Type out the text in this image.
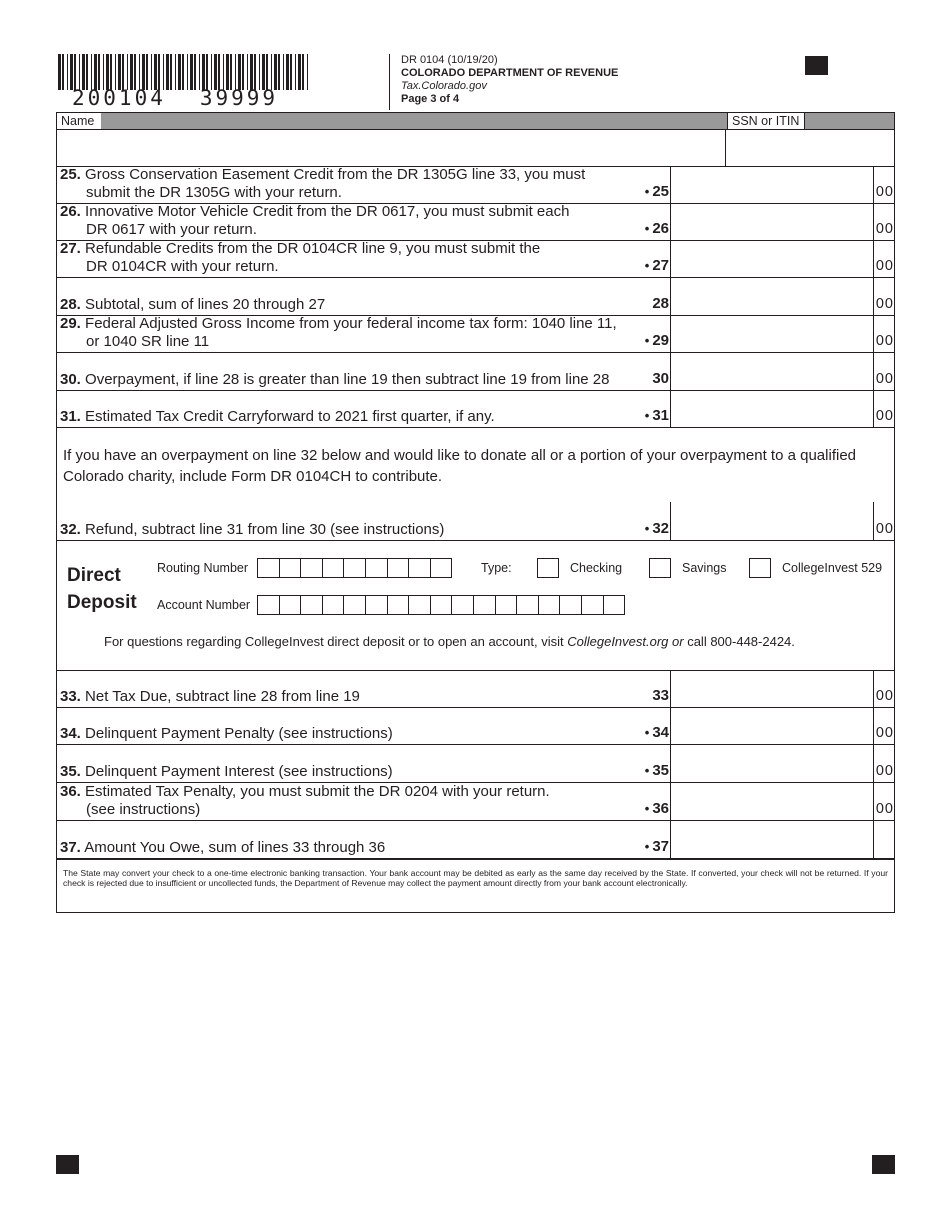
200104 39999
DR 0104 (10/19/20)
COLORADO DEPARTMENT OF REVENUE
Tax.Colorado.gov
Page 3 of 4
Name	SSN or ITIN
25. Gross Conservation Easement Credit from the DR 1305G line 33, you must
submit the DR 1305G with your return.	• 25	00
26. Innovative Motor Vehicle Credit from the DR 0617, you must submit each
DR 0617 with your return.	• 26	00
27. Refundable Credits from the DR 0104CR line 9, you must submit the
DR 0104CR with your return.	• 27	00
28. Subtotal, sum of lines 20 through 27	28	00
29. Federal Adjusted Gross Income from your federal income tax form: 1040 line 11,
or 1040 SR line 11	• 29	00
30. Overpayment, if line 28 is greater than line 19 then subtract line 19 from line 28	30	00
31. Estimated Tax Credit Carryforward to 2021 first quarter, if any.	• 31	00
If you have an overpayment on line 32 below and would like to donate all or a portion of your overpayment to a qualified Colorado charity, include Form DR 0104CH to contribute.
32. Refund, subtract line 31 from line 30 (see instructions)	• 32	00
Direct
Deposit
Routing Number
Account Number
Type:	Checking	Savings	CollegeInvest 529
For questions regarding CollegeInvest direct deposit or to open an account, visit CollegeInvest.org or call 800-448-2424.
33. Net Tax Due, subtract line 28 from line 19	33	00
34. Delinquent Payment Penalty (see instructions)	• 34	00
35. Delinquent Payment Interest (see instructions)	• 35	00
36. Estimated Tax Penalty, you must submit the DR 0204 with your return.
(see instructions)	• 36	00
37. Amount You Owe, sum of lines 33 through 36	• 37
The State may convert your check to a one-time electronic banking transaction. Your bank account may be debited as early as the same day received by the State. If converted, your check will not be returned. If your check is rejected due to insufficient or uncollected funds, the Department of Revenue may collect the payment amount directly from your bank account electronically.
